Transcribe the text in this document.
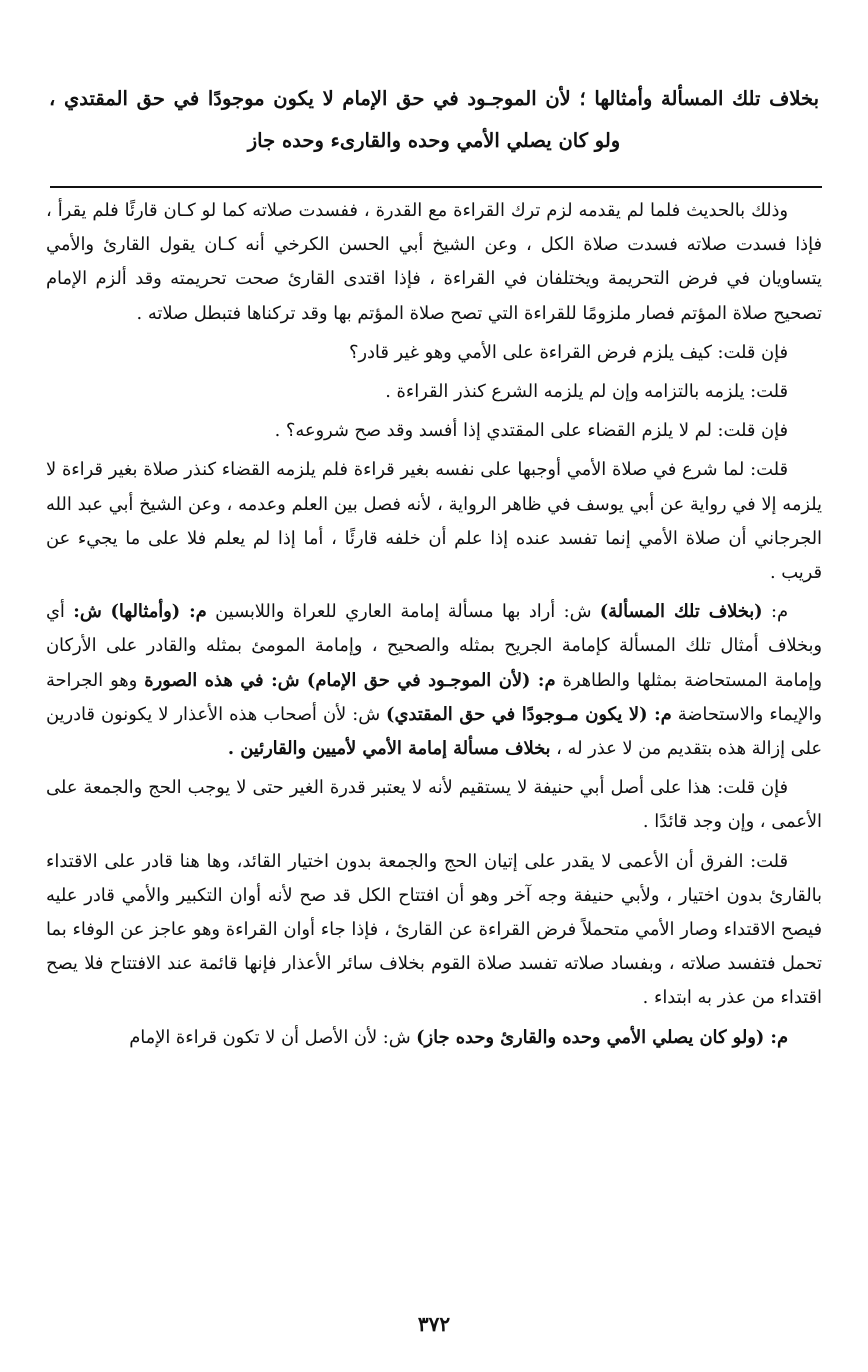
بخلاف تلك المسألة وأمثالها ؛ لأن الموجـود في حق الإمام لا يكون موجودًا في حق المقتدي ، ولو كان يصلي الأمي وحده والقارىء وحده جاز

وذلك بالحديث فلما لم يقدمه لزم ترك القراءة مع القدرة ، ففسدت صلاته كما لو كـان قارئًا فلم يقرأ ، فإذا فسدت صلاته فسدت صلاة الكل ، وعن الشيخ أبي الحسن الكرخي أنه كـان يقول القارئ والأمي يتساويان في فرض التحريمة ويختلفان في القراءة ، فإذا اقتدى القارئ صحت تحريمته وقد ألزم الإمام تصحيح صلاة المؤتم فصار ملزومًا للقراءة التي تصح صلاة المؤتم بها وقد تركناها فتبطل صلاته .

فإن قلت: كيف يلزم فرض القراءة على الأمي وهو غير قادر؟

قلت: يلزمه بالتزامه وإن لم يلزمه الشرع كنذر القراءة .

فإن قلت: لم لا يلزم القضاء على المقتدي إذا أفسد وقد صح شروعه؟ .

قلت: لما شرع في صلاة الأمي أوجبها على نفسه بغير قراءة فلم يلزمه القضاء كنذر صلاة بغير قراءة لا يلزمه إلا في رواية عن أبي يوسف في ظاهر الرواية ، لأنه فصل بين العلم وعدمه ، وعن الشيخ أبي عبد الله الجرجاني أن صلاة الأمي إنما تفسد عنده إذا علم أن خلفه قارئًا ، أما إذا لم يعلم فلا على ما يجيء عن قريب .

م: (بخلاف تلك المسألة) ش: أراد بها مسألة إمامة العاري للعراة واللابسين م: (وأمثالها) ش: أي وبخلاف أمثال تلك المسألة كإمامة الجريح بمثله والصحيح ، وإمامة المومئ بمثله والقادر على الأركان وإمامة المستحاضة بمثلها والطاهرة م: (لأن الموجـود في حق الإمام) ش: في هذه الصورة وهو الجراحة والإيماء والاستحاضة م: (لا يكون مـوجودًا في حق المقتدي) ش: لأن أصحاب هذه الأعذار لا يكونون قادرين على إزالة هذه بتقديم من لا عذر له ، بخلاف مسألة إمامة الأمي لأميين والقارئين .

فإن قلت: هذا على أصل أبي حنيفة لا يستقيم لأنه لا يعتبر قدرة الغير حتى لا يوجب الحج والجمعة على الأعمى ، وإن وجد قائدًا .

قلت: الفرق أن الأعمى لا يقدر على إتيان الحج والجمعة بدون اختيار القائد، وها هنا قادر على الاقتداء بالقارئ بدون اختيار ، ولأبي حنيفة وجه آخر وهو أن افتتاح الكل قد صح لأنه أوان التكبير والأمي قادر عليه فيصح الاقتداء وصار الأمي متحملاً فرض القراءة عن القارئ ، فإذا جاء أوان القراءة وهو عاجز عن الوفاء بما تحمل فتفسد صلاته ، وبفساد صلاته تفسد صلاة القوم بخلاف سائر الأعذار فإنها قائمة عند الافتتاح فلا يصح اقتداء من عذر به ابتداء .

م: (ولو كان يصلي الأمي وحده والقارئ وحده جاز) ش: لأن الأصل أن لا تكون قراءة الإمام

٣٧٢
